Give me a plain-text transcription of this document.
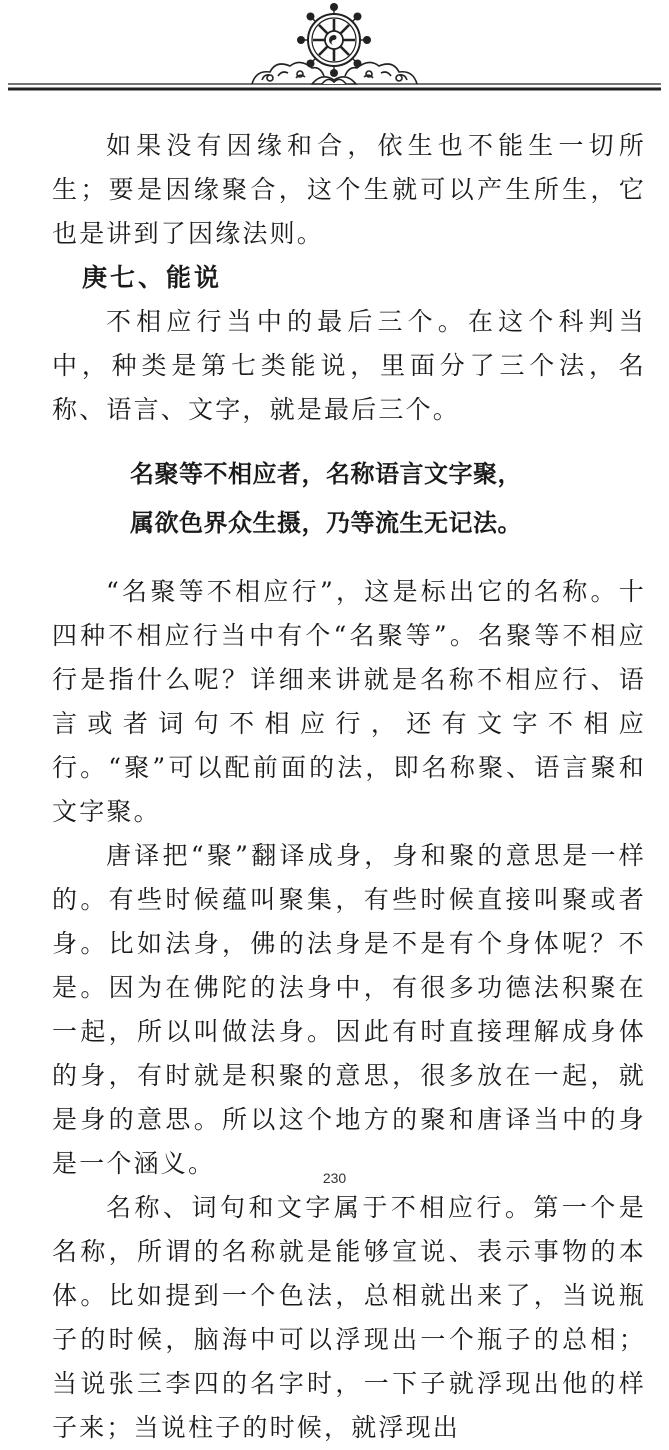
如果没有因缘和合，依生也不能生一切所生；要是因缘聚合，这个生就可以产生所生，它也是讲到了因缘法则。

庚七、能说

不相应行当中的最后三个。在这个科判当中，种类是第七类能说，里面分了三个法，名称、语言、文字，就是最后三个。

名聚等不相应者，名称语言文字聚，
属欲色界众生摄，乃等流生无记法。

“名聚等不相应行”，这是标出它的名称。十四种不相应行当中有个“名聚等”。名聚等不相应行是指什么呢？详细来讲就是名称不相应行、语言或者词句不相应行，还有文字不相应行。“聚”可以配前面的法，即名称聚、语言聚和文字聚。

唐译把“聚”翻译成身，身和聚的意思是一样的。有些时候蕴叫聚集，有些时候直接叫聚或者身。比如法身，佛的法身是不是有个身体呢？不是。因为在佛陀的法身中，有很多功德法积聚在一起，所以叫做法身。因此有时直接理解成身体的身，有时就是积聚的意思，很多放在一起，就是身的意思。所以这个地方的聚和唐译当中的身是一个涵义。

名称、词句和文字属于不相应行。第一个是名称，所谓的名称就是能够宣说、表示事物的本体。比如提到一个色法，总相就出来了，当说瓶子的时候，脑海中可以浮现出一个瓶子的总相；当说张三李四的名字时，一下子就浮现出他的样子来；当说柱子的时候，就浮现出

230
